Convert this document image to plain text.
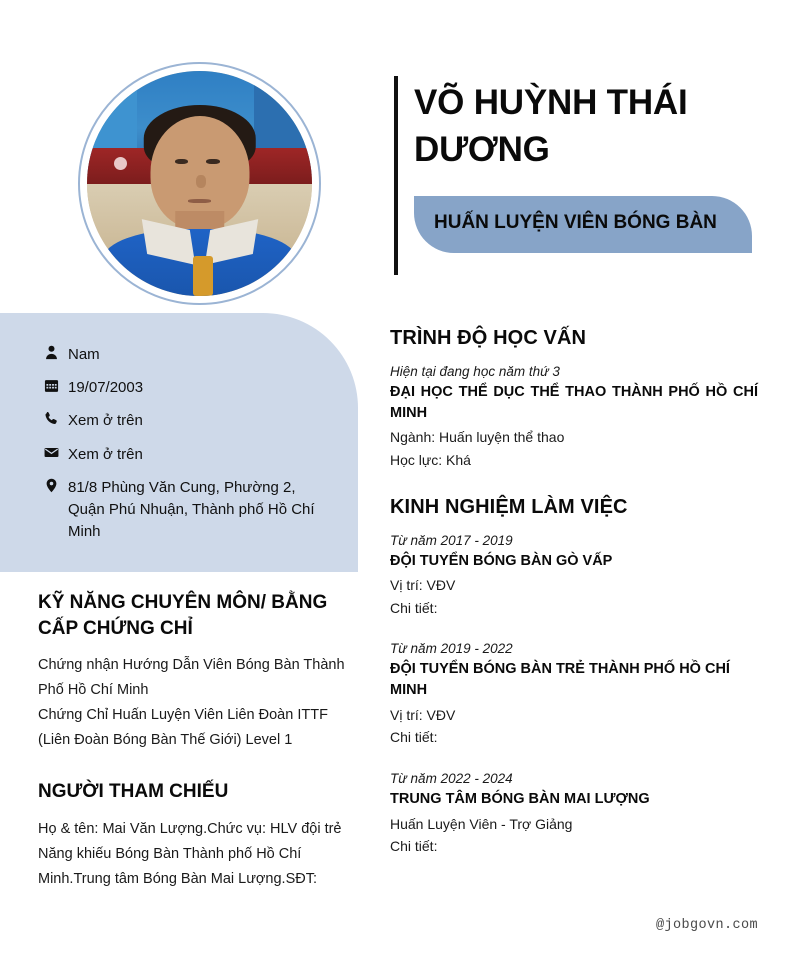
VÕ HUỲNH THÁI DƯƠNG
HUẤN LUYỆN VIÊN BÓNG BÀN
Nam
19/07/2003
Xem ở trên
Xem ở trên
81/8 Phùng Văn Cung, Phường 2, Quận Phú Nhuận, Thành phố Hồ Chí Minh
KỸ NĂNG CHUYÊN MÔN/ BẰNG CẤP CHỨNG CHỈ
Chứng nhận Hướng Dẫn Viên Bóng Bàn Thành Phố Hồ Chí Minh
Chứng Chỉ Huấn Luyện Viên Liên Đoàn ITTF (Liên Đoàn Bóng Bàn Thế Giới) Level 1
NGƯỜI THAM CHIẾU
Họ & tên: Mai Văn Lượng.Chức vụ: HLV đội trẻ Năng khiếu Bóng Bàn Thành phố Hồ Chí Minh.Trung tâm Bóng Bàn Mai Lượng.SĐT:
TRÌNH ĐỘ HỌC VẤN
Hiện tại đang học năm thứ 3
ĐẠI HỌC THỂ DỤC THỂ THAO THÀNH PHỐ HỒ CHÍ MINH
Ngành: Huấn luyện thể thao
Học lực: Khá
KINH NGHIỆM LÀM VIỆC
Từ năm 2017 - 2019
ĐỘI TUYỂN BÓNG BÀN GÒ VẤP
Vị trí: VĐV
Chi tiết:
Từ năm 2019 - 2022
ĐỘI TUYỂN BÓNG BÀN TRẺ THÀNH PHỐ HỒ CHÍ MINH
Vị trí: VĐV
Chi tiết:
Từ năm 2022 - 2024
TRUNG TÂM BÓNG BÀN MAI LƯỢNG
Huấn Luyện Viên - Trợ Giảng
Chi tiết:
@jobgovn.com
